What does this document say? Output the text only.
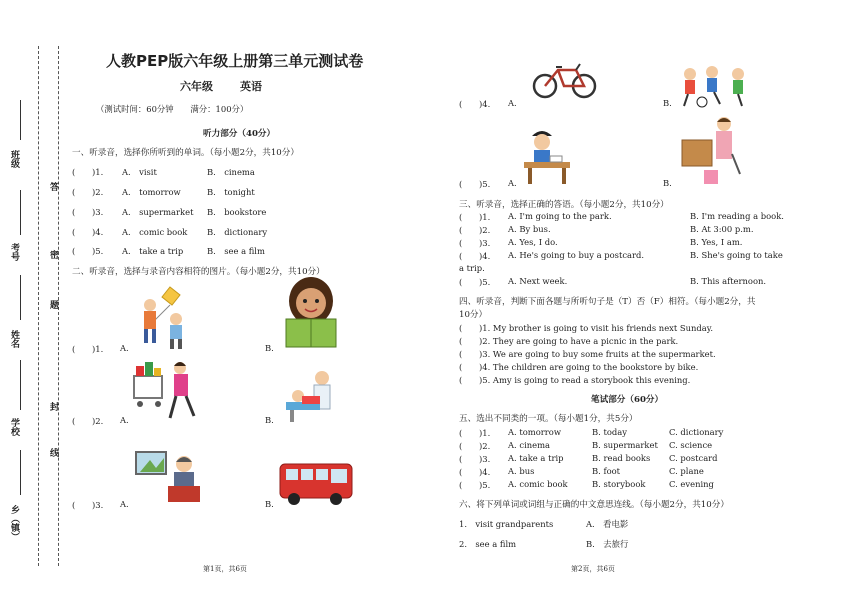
班级
考号
姓名
学校
乡（镇）
答
密
题
封
线
人教PEP版六年级上册第三单元测试卷
六年级 英语
（测试时间：60分钟　　满分：100分）
听力部分（40分）
一、听录音，选择你所听到的单词。（每小题2分，共10分）
(　　)1. A.　visit	B.　cinema
(　　)2. A.　tomorrow	B.　tonight
(　　)3. A.　supermarket B.　bookstore
(　　)4. A.　comic book B.　dictionary
(　　)5. A.　take a trip	B.　see a film
二、听录音，选择与录音内容相符的图片。（每小题2分，共10分）
(　　)1. A.	B.
(　　)2. A.	B.
(　　)3. A.	B.
第1页，共6页
(　　)4. A.	B.
(　　)5. A.	B.
三、听录音，选择正确的答语。（每小题2分，共10分）
(　　)1. A. I'm going to the park.	B. I'm reading a book.
(　　)2. A. By bus.	B. At 3:00 p.m.
(　　)3. A. Yes, I do.	B. Yes, I am.
(　　)4. A. He's going to buy a postcard.	B. She's going to take
a trip.
(　　)5. A. Next week.	B. This afternoon.
四、听录音，判断下面各题与所听句子是（T）否（F）相符。（每小题2分，共
10分）
(　　)1. My brother is going to visit his friends next Sunday.
(　　)2. They are going to have a picnic in the park.
(　　)3. We are going to buy some fruits at the supermarket.
(　　)4. The children are going to the bookstore by bike.
(　　)5. Amy is going to read a storybook this evening.
笔试部分（60分）
五、选出不同类的一项。（每小题1分，共5分）
(　　)1. A. tomorrow	B. today	C. dictionary
(　　)2. A. cinema	B. supermarket C. science
(　　)3. A. take a trip	B. read books C. postcard
(　　)4. A. bus	B. foot	C. plane
(　　)5. A. comic book	B. storybook	C. evening
六、将下列单词或词组与正确的中文意思连线。（每小题2分，共10分）
1.　visit grandparents	A.　看电影
2.　see a film	B.　去旅行
第2页，共6页
